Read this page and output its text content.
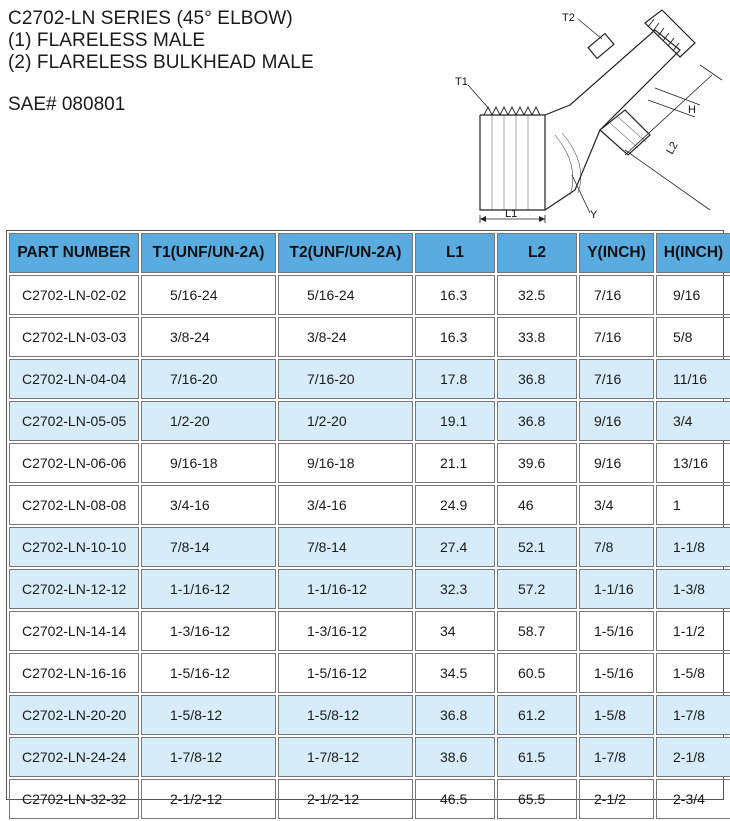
C2702-LN SERIES (45° ELBOW)
(1) FLARELESS MALE
(2) FLARELESS BULKHEAD MALE
SAE# 080801
T1
T2
H
L2
L1	Y
PART NUMBER	T1(UNF/UN-2A)	T2(UNF/UN-2A)	L1	L2	Y(INCH)	H(INCH)
C2702-LN-02-02	5/16-24	5/16-24	16.3	32.5	7/16	9/16
C2702-LN-03-03	3/8-24	3/8-24	16.3	33.8	7/16	5/8
C2702-LN-04-04	7/16-20	7/16-20	17.8	36.8	7/16	11/16
C2702-LN-05-05	1/2-20	1/2-20	19.1	36.8	9/16	3/4
C2702-LN-06-06	9/16-18	9/16-18	21.1	39.6	9/16	13/16
C2702-LN-08-08	3/4-16	3/4-16	24.9	46	3/4	1
C2702-LN-10-10	7/8-14	7/8-14	27.4	52.1	7/8	1-1/8
C2702-LN-12-12	1-1/16-12	1-1/16-12	32.3	57.2	1-1/16	1-3/8
C2702-LN-14-14	1-3/16-12	1-3/16-12	34	58.7	1-5/16	1-1/2
C2702-LN-16-16	1-5/16-12	1-5/16-12	34.5	60.5	1-5/16	1-5/8
C2702-LN-20-20	1-5/8-12	1-5/8-12	36.8	61.2	1-5/8	1-7/8
C2702-LN-24-24	1-7/8-12	1-7/8-12	38.6	61.5	1-7/8	2-1/8
C2702-LN-32-32	2-1/2-12	2-1/2-12	46.5	65.5	2-1/2	2-3/4
